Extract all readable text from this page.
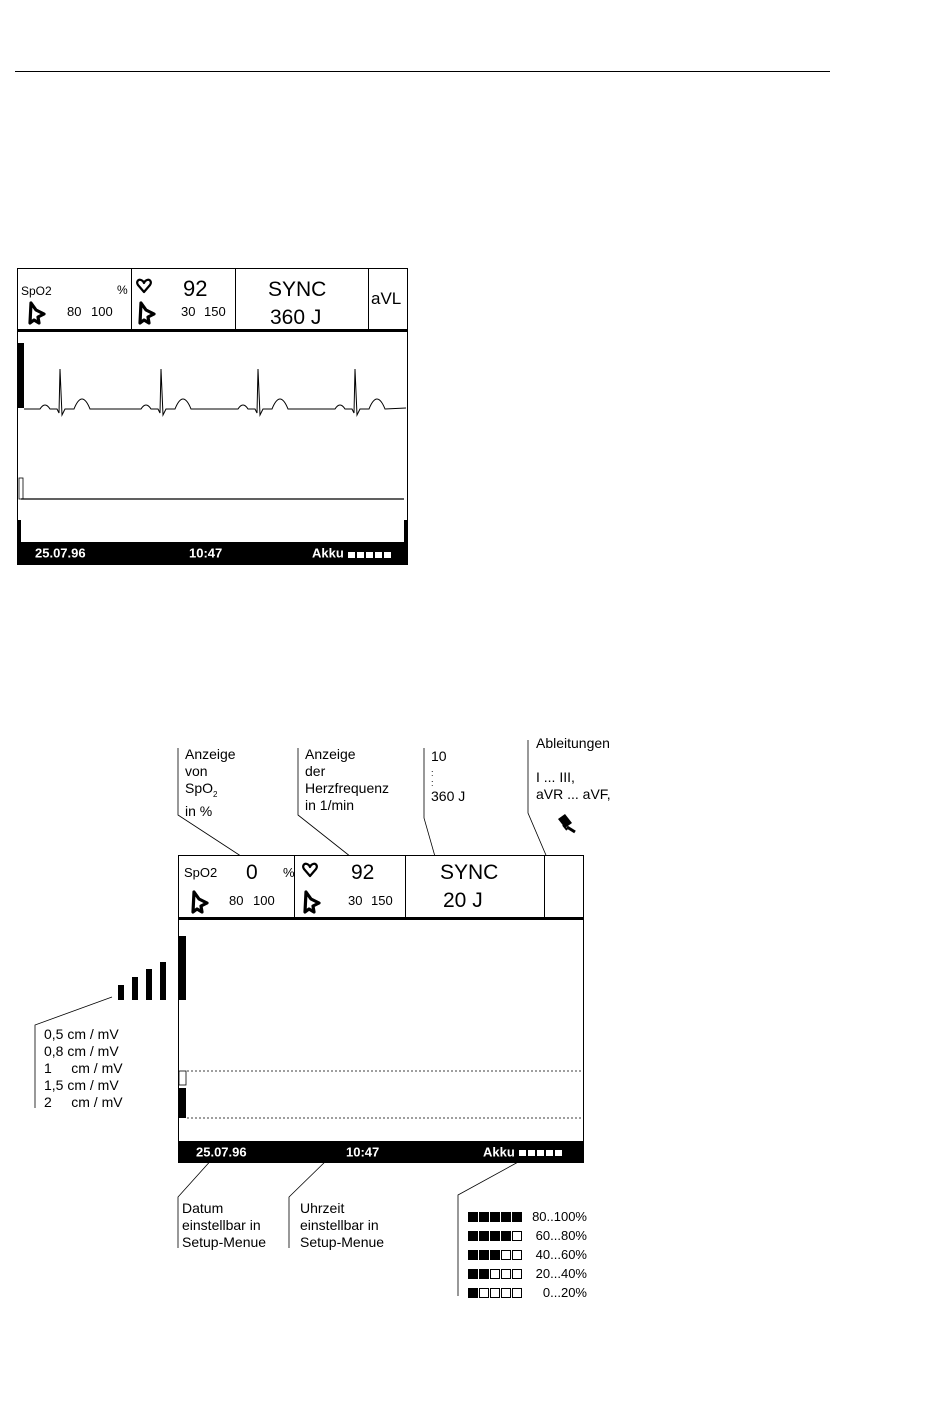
SpO2	%
80 100
92
30 150
SYNC
360 J
aVL
25.07.96	10:47	Akku
Anzeige
von
SpO$_2$
in %
Anzeige
der
Herzfrequenz
in 1/min
10
:
:
360 J
Ableitungen
I ... III,
aVR ... aVF,
0,5 cm / mV
0,8 cm / mV
1     cm / mV
1,5 cm / mV
2     cm / mV
SpO2 0 %
80 100
92
30 150
SYNC
20 J
25.07.96	10:47	Akku
Datum
einstellbar in
Setup-Menue
Uhrzeit
einstellbar in
Setup-Menue
80..100%
60...80%
40...60%
20...40%
0...20%
